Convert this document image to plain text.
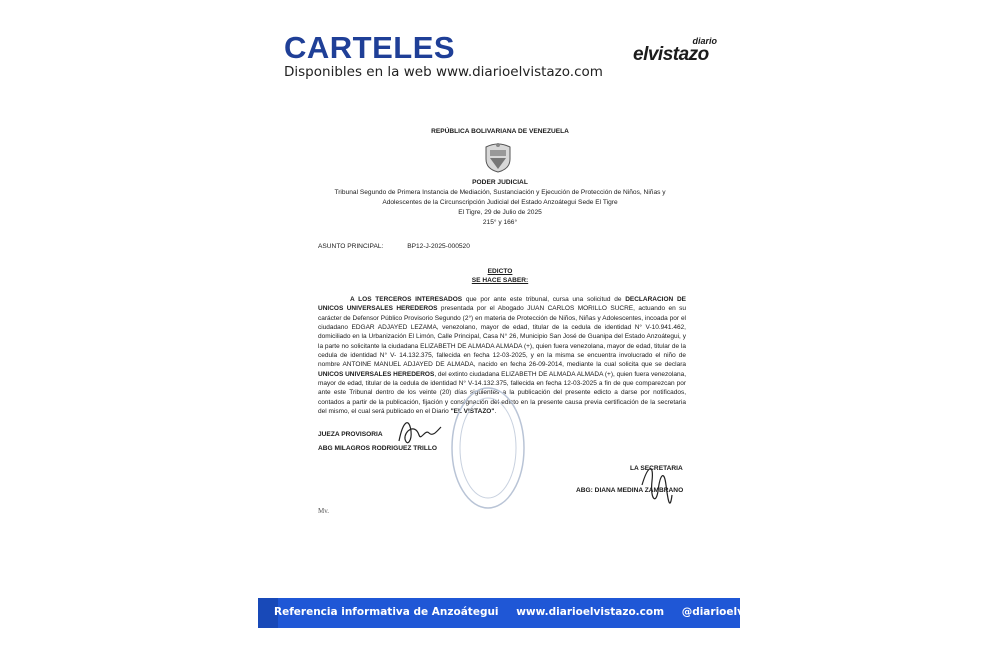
CARTELES
Disponibles en la web www.diarioelvistazo.com
diario
elvistazo
REPÚBLICA BOLIVARIANA DE VENEZUELA
PODER JUDICIAL
Tribunal Segundo de Primera Instancia de Mediación, Sustanciación y Ejecución de Protección de Niños, Niñas y
Adolescentes de la Circunscripción Judicial del Estado Anzoátegui Sede El Tigre
El Tigre, 29 de Julio de 2025
215° y 166°
ASUNTO PRINCIPAL:	BP12-J-2025-000520
EDICTO
SE HACE SABER:
A LOS TERCEROS INTERESADOS que por ante este tribunal, cursa una solicitud de DECLARACION DE UNICOS UNIVERSALES HEREDEROS presentada por el Abogado JUAN CARLOS MORILLO SUCRE, actuando en su carácter de Defensor Público Provisorio Segundo (2°) en materia de Protección de Niños, Niñas y Adolescentes, incoada por el ciudadano EDGAR ADJAYED LEZAMA, venezolano, mayor de edad, titular de la cedula de identidad N° V-10.941.462, domiciliado en la Urbanización El Limón, Calle Principal, Casa N° 26, Municipio San José de Guanipa del Estado Anzoátegui, y la parte no solicitante la ciudadana ELIZABETH DE ALMADA ALMADA (+), quien fuera venezolana, mayor de edad, titular de la cedula de identidad N° V- 14.132.375, fallecida en fecha 12-03-2025, y en la misma se encuentra involucrado el niño de nombre ANTOINE MANUEL ADJAYED DE ALMADA, nacido en fecha 26-09-2014, mediante la cual solicita que se declara UNICOS UNIVERSALES HEREDEROS, del extinto ciudadana ELIZABETH DE ALMADA ALMADA (+), quien fuera venezolana, mayor de edad, titular de la cedula de identidad N° V-14.132.375, fallecida en fecha 12-03-2025 a fin de que comparezcan por ante este Tribunal dentro de los veinte (20) días siguientes a la publicación del presente edicto a darse por notificados, contados a partir de la publicación, fijación y consignación del edicto en la presente causa previa certificación de la secretaria del mismo, el cual será publicado en el Diario "EL VISTAZO".
JUEZA PROVISORIA
ABG MILAGROS RODRIGUEZ TRILLO
LA SECRETARIA
ABG: DIANA MEDINA ZAMBRANO
Mv.
Referencia informativa de Anzoátegui www.diarioelvistazo.com @diarioelvistazo
